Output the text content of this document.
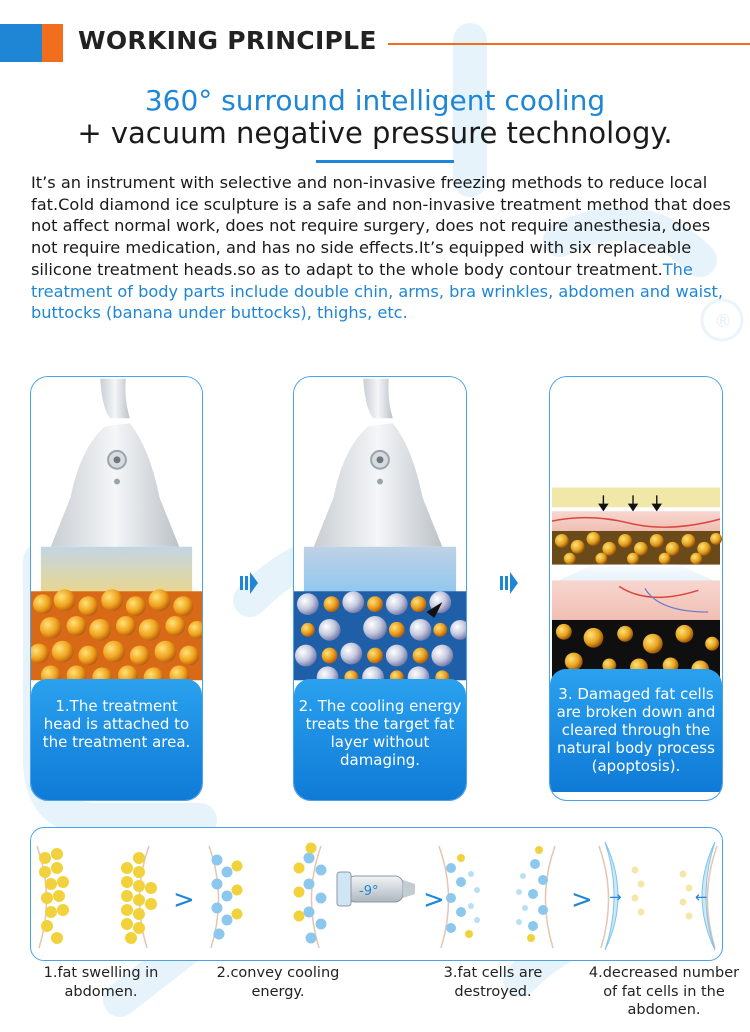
®
WORKING PRINCIPLE
360° surround intelligent cooling
+ vacuum negative pressure technology.

It’s an instrument with selective and non-invasive freezing methods to reduce local fat.Cold diamond ice sculpture is a safe and non-invasive treatment method that does not affect normal work, does not require surgery, does not require anesthesia, does not require medication, and has no side effects.It’s equipped with six replaceable silicone treatment heads.so as to adapt to the whole body contour treatment.The treatment of body parts include double chin, arms, bra wrinkles, abdomen and waist, buttocks (banana under buttocks), thighs, etc.

1.The treatment head is attached to the treatment area.
2. The cooling energy treats the target fat layer without damaging.
3. Damaged fat cells are broken down and cleared through the natural body process (apoptosis).
>	-9° >	> →	←
1.fat swelling in abdomen.
2.convey cooling energy.
3.fat cells are destroyed.
4.decreased number of fat cells in the abdomen.
